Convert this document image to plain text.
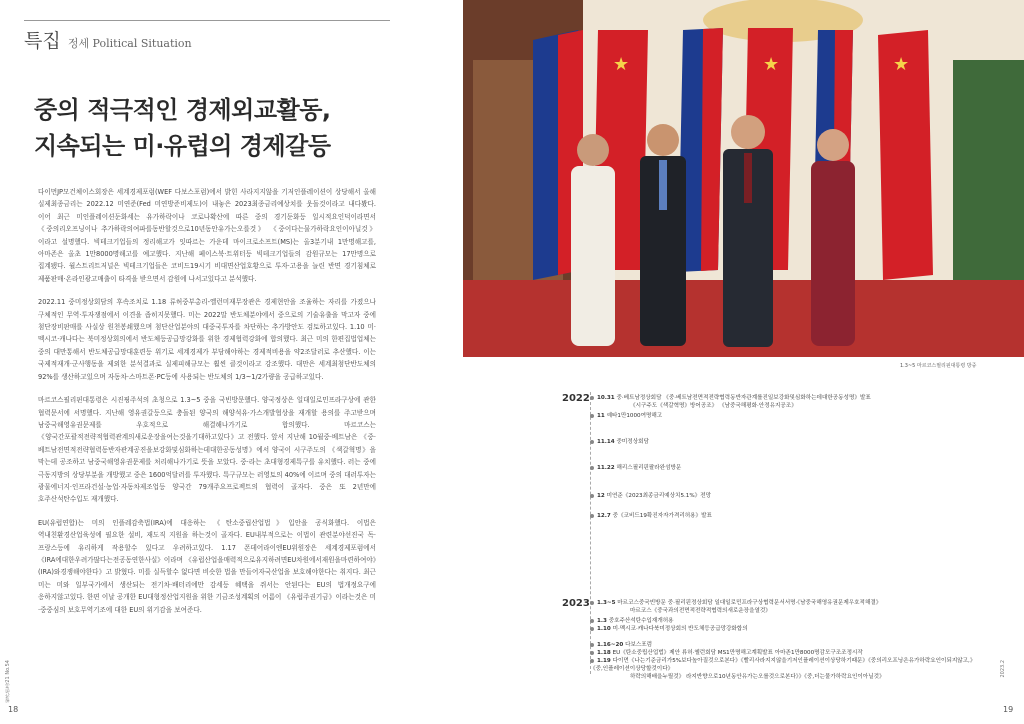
특집 정세 Political Situation
중의 적극적인 경제외교활동,
지속되는 미·유럽의 경제갈등

다이먼JP모건체이스회장은 세계경제포럼(WEF 다보스포럼)에서 밝힌 사라지지않을 기저인플레이션이 상당해서 올해 실제최종금리는 2022.12 미연준(Fed 미연방준비제도)이 내놓은 2023최종금리예상치를 웃돌것이라고 내다봤다. 이어 최근 미인플레이션둔화세는 유가하락이나 코로나확산에 따른 중의 경기둔화등 일시적요인덕이라면서 《중의리오프닝이나 추가하락의여파를동반할것으로10년동안유가는오를것》 《중이다는물가하락요인이아닐것》이라고 설명했다. 빅테크기업들의 정리해고가 잇따르는 가운데 마이크로소프트(MS)는 올3분기내 1만명해고를, 아마존은 올초 1만8000명해고를 예고했다. 지난해 페이스북·트위터등 빅테크기업들의 감원규모는 17만명으로 집계됐다. 월스트리트저널은 빅테크기업들은 코비드19시기 비대면산업호황으로 투자·고용을 늘린 반면 경기침체로 제품판매·온라인광고매출이 타격을 받으면서 감원에 나서고있다고 분석했다.

2022.11 중미정상회담의 후속조치로 1.18 류허중부총리-옐런미재무장관은 경제현안을 조율하는 자리를 가졌으나 구체적인 무역·투자쟁점에서 이견을 좁히지못했다. 미는 2022말 반도체분야에서 중으로의 기술유출을 막고자 중에 첨단장비판매를 사실상 원천봉쇄했으며 첨단산업분야의 대중국투자를 차단하는 추가방안도 검토하고있다. 1.10 미·멕시코·캐나다는 북미정상회의에서 반도체등공급망강화를 위한 경제협력강화에 합의했다. 최근 미의 한편집법업체는 중의 대만통해서 반도체공급망대훈련등 위기로 세계경제가 부담해야하는 경제적비용을 약2조달러로 추산했다. 이는 국제적재개·군사행동을 제외한 분석결과로 실제피해규모는 훨씬 클것이라고 강조했다. 대만은 세계최첨단반도체의 92%를 생산하고있으며 자동차·스마트폰·PC등에 사용되는 반도체의 1/3~1/2가량을 공급하고있다.

마르코스필리핀대통령은 시진핑주석의 초청으로 1.3~5 중을 국빈방문했다. 양국정상은 일대일로민프라구상에 관한 협력문서에 서명했다. 지난해 영유권갈등으로 충돌된 양국의 해양석유·가스개발협상을 재개할 용의를 주고받으며 남중국해영유권문제를 우호적으로 해결해나가기로 합의했다. 마르코스는 《양국간포괄적전략적협력관계의새로운장을여는것을기대하고있다》고 전했다. 앞서 지난해 10월중·베트남은 《중·베트남전면적전략협력동반자관계공진을보강화및심화하는데대한공동성명》에서 양국이 시구주도의 《색갈혁명》을 막는데 공조하고 남중국해영유권문제를 처리해나가기로 뜻을 모았다. 중·라는 초대형경제특구를 유치했다. 러는 중에 극동지방의 상당부분을 개방했고 중은 1600억달러를 투자했다. 특구규모는 러영토의 40%에 이르며 중의 대러투자는 광물에너지·인프라건설·농업·자동차제조업등 양국간 79개주요프로젝트의 협력이 골자다. 중은 또 2년만에 호주산석탄수입도 재개했다.

EU(유럽연합)는 미의 인플레감축법(IRA)에 대응하는 《탄소중립산업법》입안을 공식화했다. 이법은 역내친환경산업육성에 필요한 설비, 재도직 지원을 하는것이 골자다. EU내부적으로는 이법이 관련분야선진국 독·프랑스등에 유리하게 작용할수 있다고 우려하고있다. 1.17 폰데어라이엔EU위원장은 세계경제포럼에서 《IRA에대한우려가많다는전공동연한사실》이라며 《유럽산업을매력적으로유지하려면EU차원에서재원을마련하여야》(IRA)와경쟁해야한다》고 밝혔다. 미를 실득할수 없다면 비슷한 법을 만들어자국산업을 보호해야한다는 취지다. 최근 미는 미와 일부국가에서 생산되는 전기차·배터리에만 감세등 혜택을 쥐서는 안된다는 EU의 법개정요구에 응하지않고있다. 한편 이날 공개한 EU대형정산업지원을 위한 기금조성계획의 어름이 《유럽주권기금》이라는것은 미·중중심의 보호무역기조에 대한 EU의 위기감을 보여준다.

월간민족21 No.54
18
★	★	★
1.3~5 마르코스필리핀대통령 방중
2022	10.31 중·베트남정상회담 《중·베트남전면적전략협력동반자관계를진일보강화및심화하는데대한공동성명》발표
《시구주도《색갈혁명》방어공조》 《남중국해평화·안정유지공조》
11 예타1만1000여명해고
11.14 중미정상회담
11.22 해리스필리핀팔라완섬방문
12 미연준《2023최종금리예상치5.1%》전망
12.7 중《코비드19확진자자가격리허용》발표
2023	1.3~5 마르코스중국빈방문 중·필리핀정상회담 일대일로민프라구상협력문서서명·《남중국해영유권문제우호적해결》
마르코스《중국과의전면적전략적협력의새로운장을열것》
1.3 중호주산석탄수입재개허용
1.10 미·멕시코·캐나다북미정상회의 반도체등공급망강화합의
1.16~20 다보스포럼
1.18 EU《탄소중립산업법》제안 류허·옐런회담 MS1만명해고계획발표 아마존1만8000명감모구조조정시작
1.19 다이먼《나는기준금리가5%보다높아질것으로본다》《빨리사라지지않을기저인플레이션이상당하기때문》《중의리오프닝은유가하락요인이되지않고,》《중,인플레이션이상당할것이다》
하락의해배을누릴것》 라지반향으로10년동안유가는오를것으로본다》》《중,더는물가하락요인이아닐것》	2023.2
19
